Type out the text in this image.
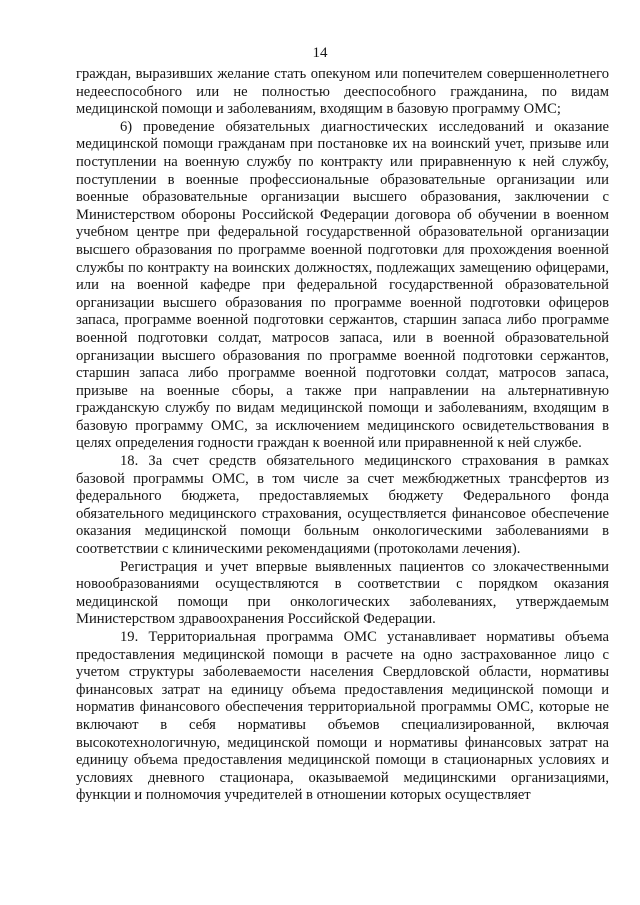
14

граждан, выразивших желание стать опекуном или попечителем совершеннолетнего недееспособного или не полностью дееспособного гражданина, по видам медицинской помощи и заболеваниям, входящим в базовую программу ОМС;

6) проведение обязательных диагностических исследований и оказание медицинской помощи гражданам при постановке их на воинский учет, призыве или поступлении на военную службу по контракту или приравненную к ней службу, поступлении в военные профессиональные образовательные организации или военные образовательные организации высшего образования, заключении с Министерством обороны Российской Федерации договора об обучении в военном учебном центре при федеральной государственной образовательной организации высшего образования по программе военной подготовки для прохождения военной службы по контракту на воинских должностях, подлежащих замещению офицерами, или на военной кафедре при федеральной государственной образовательной организации высшего образования по программе военной подготовки офицеров запаса, программе военной подготовки сержантов, старшин запаса либо программе военной подготовки солдат, матросов запаса, или в военной образовательной организации высшего образования по программе военной подготовки сержантов, старшин запаса либо программе военной подготовки солдат, матросов запаса, призыве на военные сборы, а также при направлении на альтернативную гражданскую службу по видам медицинской помощи и заболеваниям, входящим в базовую программу ОМС, за исключением медицинского освидетельствования в целях определения годности граждан к военной или приравненной к ней службе.

18. За счет средств обязательного медицинского страхования в рамках базовой программы ОМС, в том числе за счет межбюджетных трансфертов из федерального бюджета, предоставляемых бюджету Федерального фонда обязательного медицинского страхования, осуществляется финансовое обеспечение оказания медицинской помощи больным онкологическими заболеваниями в соответствии с клиническими рекомендациями (протоколами лечения).

Регистрация и учет впервые выявленных пациентов со злокачественными новообразованиями осуществляются в соответствии с порядком оказания медицинской помощи при онкологических заболеваниях, утверждаемым Министерством здравоохранения Российской Федерации.

19. Территориальная программа ОМС устанавливает нормативы объема предоставления медицинской помощи в расчете на одно застрахованное лицо с учетом структуры заболеваемости населения Свердловской области, нормативы финансовых затрат на единицу объема предоставления медицинской помощи и норматив финансового обеспечения территориальной программы ОМС, которые не включают в себя нормативы объемов специализированной, включая высокотехнологичную, медицинской помощи и нормативы финансовых затрат на единицу объема предоставления медицинской помощи в стационарных условиях и условиях дневного стационара, оказываемой медицинскими организациями, функции и полномочия учредителей в отношении которых осуществляет
